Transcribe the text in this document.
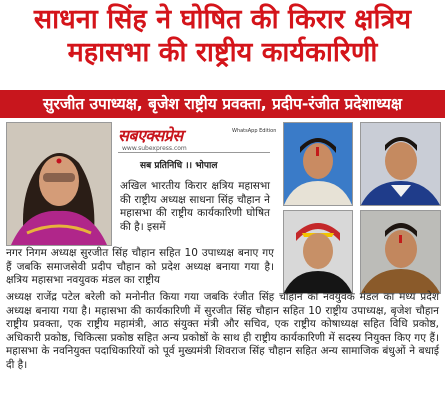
साधना सिंह ने घोषित की किरार क्षत्रिय
महासभा की राष्ट्रीय कार्यकारिणी
सुरजीत उपाध्यक्ष, बृजेश राष्ट्रीय प्रवक्ता, प्रदीप-रंजीत प्रदेशाध्यक्ष
सबएक्सप्रेस	WhatsApp Edition
www.subexpress.com
सब प्रतिनिधि ।। भोपाल
अखिल भारतीय किरार क्षत्रिय महासभा की राष्ट्रीय अध्यक्ष साधना सिंह चौहान ने महासभा की राष्ट्रीय कार्यकारिणी घोषित की है। इसमें
नगर निगम अध्यक्ष सुरजीत सिंह चौहान सहित 10 उपाध्यक्ष बनाए गए हैं जबकि समाजसेवी प्रदीप चौहान को प्रदेश अध्यक्ष बनाया गया है। क्षत्रिय महासभा नवयुवक मंडल का राष्ट्रीय
अध्यक्ष राजेंद्र पटेल बरेली को मनोनीत किया गया जबकि रंजीत सिंह चौहान को नवयुवक मंडल का मध्य प्रदेश अध्यक्ष बनाया गया है। महासभा की कार्यकारिणी में सुरजीत सिंह चौहान सहित 10 राष्ट्रीय उपाध्यक्ष, बृजेश चौहान राष्ट्रीय प्रवक्ता, एक राष्ट्रीय महामंत्री, आठ संयुक्त मंत्री और सचिव, एक राष्ट्रीय कोषाध्यक्ष सहित विधि प्रकोष्ठ, अधिकारी प्रकोष्ठ, चिकित्सा प्रकोष्ठ सहित अन्य प्रकोष्ठों के साथ ही राष्ट्रीय कार्यकारिणी में सदस्य नियुक्त किए गए हैं। महासभा के नवनियुक्त पदाधिकारियों को पूर्व मुख्यमंत्री शिवराज सिंह चौहान सहित अन्य सामाजिक बंधुओं ने बधाई दी है।
